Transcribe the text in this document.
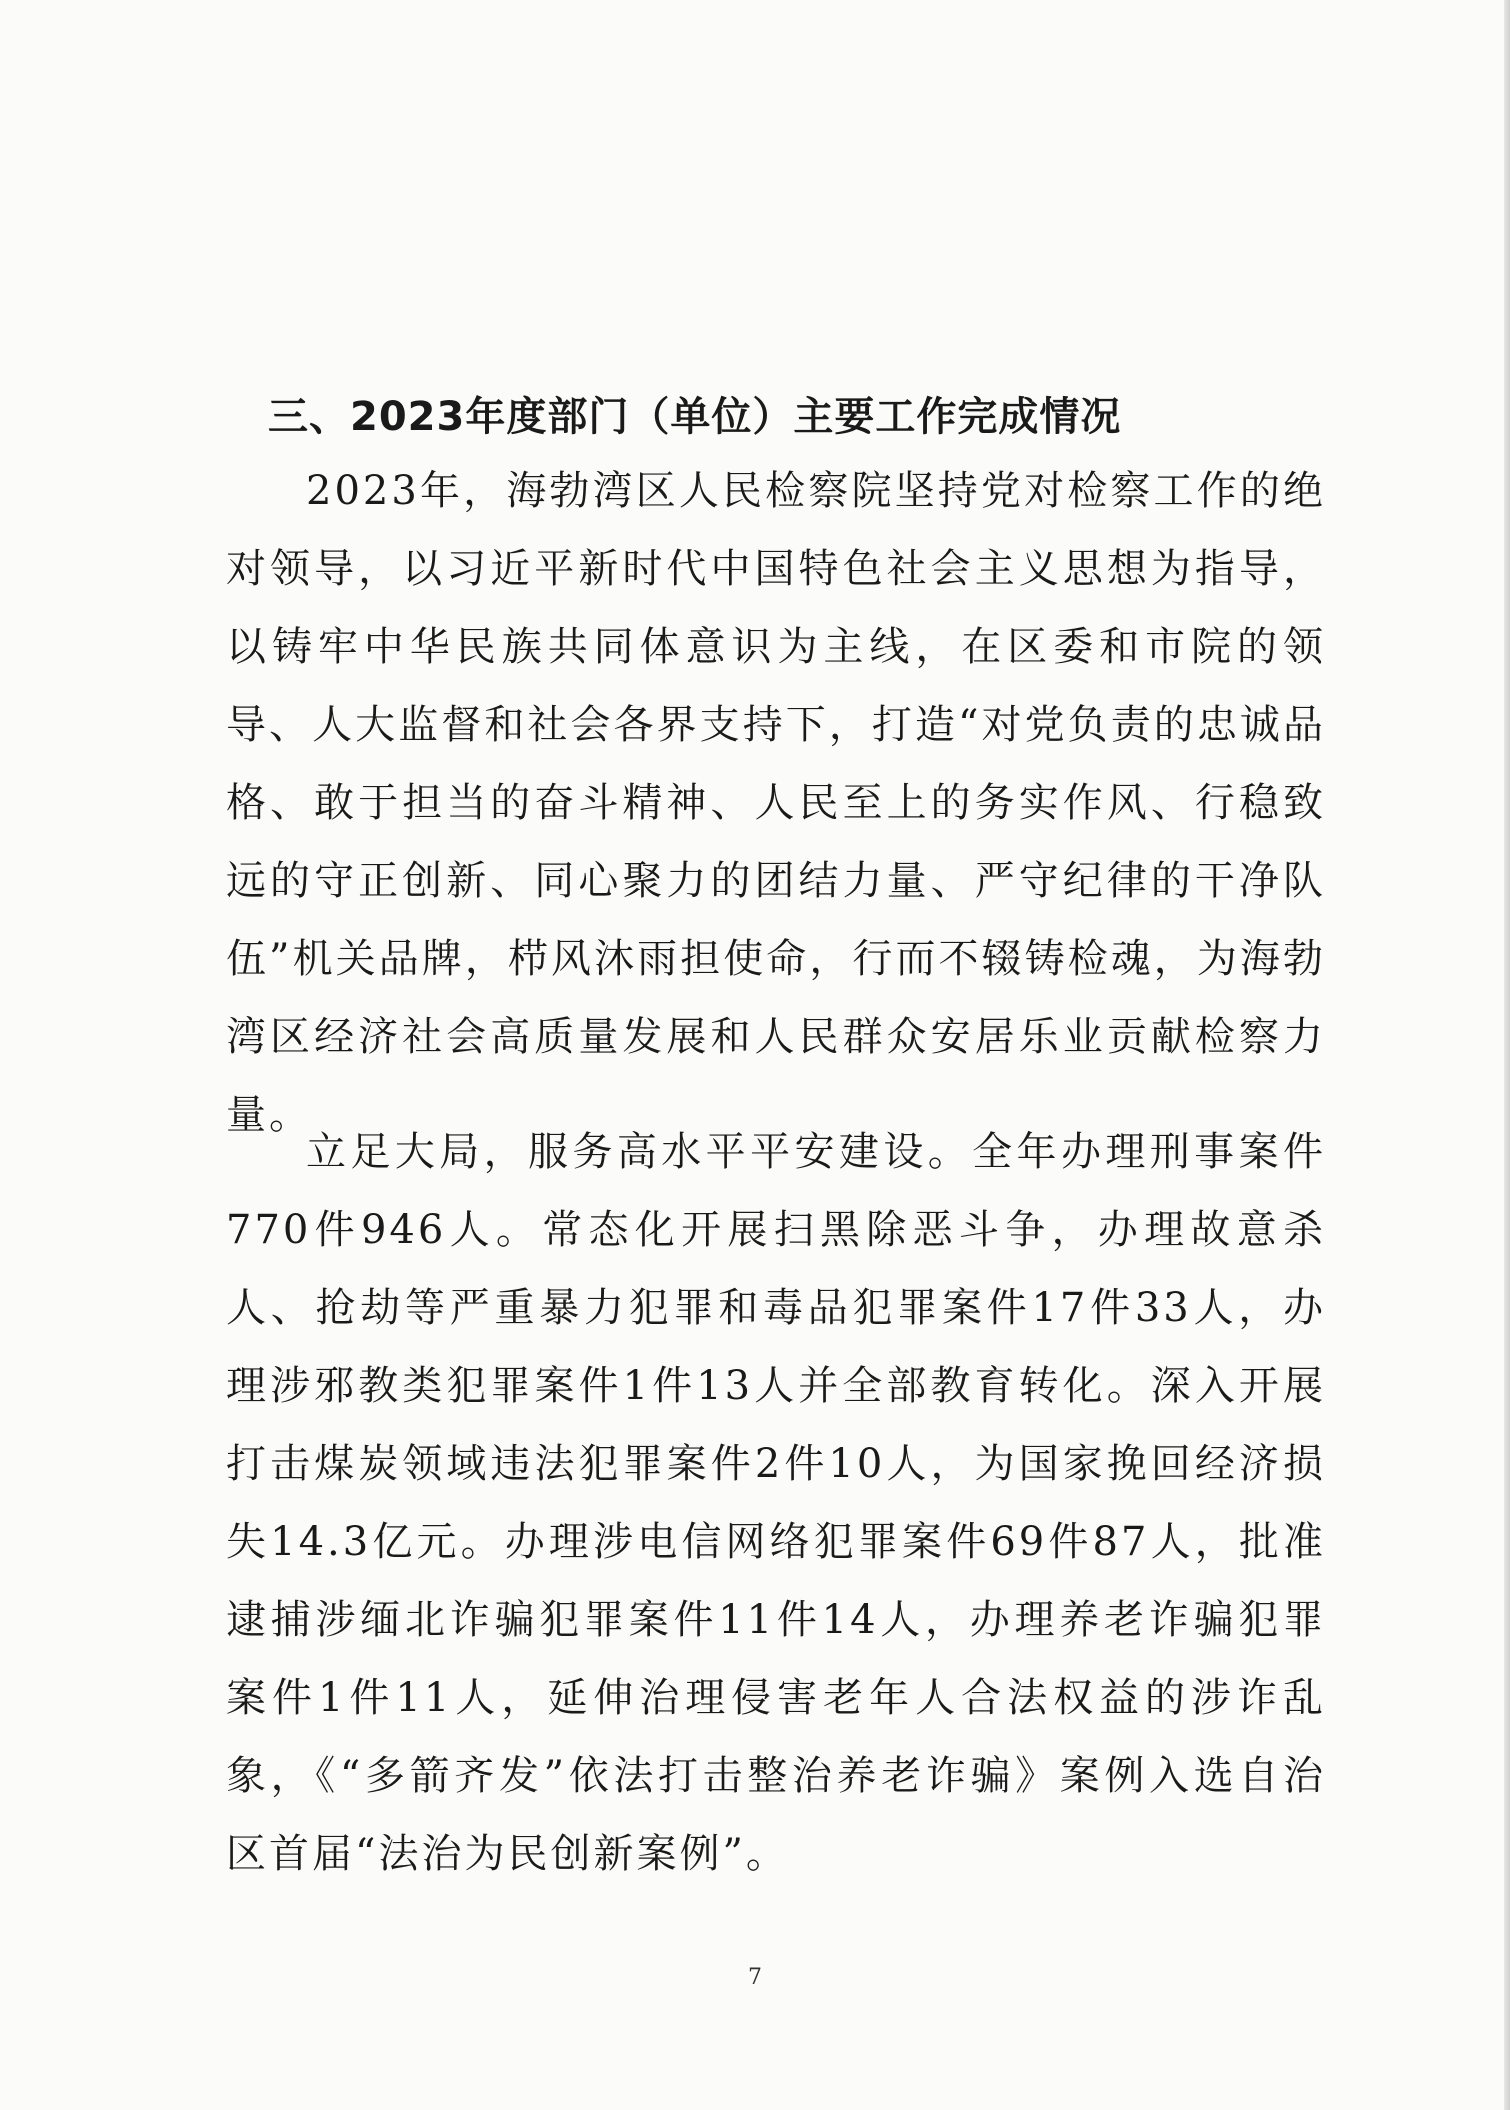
三、2023年度部门（单位）主要工作完成情况

2023年，海勃湾区人民检察院坚持党对检察工作的绝对领导，以习近平新时代中国特色社会主义思想为指导，以铸牢中华民族共同体意识为主线，在区委和市院的领导、人大监督和社会各界支持下，打造“对党负责的忠诚品格、敢于担当的奋斗精神、人民至上的务实作风、行稳致远的守正创新、同心聚力的团结力量、严守纪律的干净队伍”机关品牌，栉风沐雨担使命，行而不辍铸检魂，为海勃湾区经济社会高质量发展和人民群众安居乐业贡献检察力量。

立足大局，服务高水平平安建设。全年办理刑事案件770件946人。常态化开展扫黑除恶斗争，办理故意杀人、抢劫等严重暴力犯罪和毒品犯罪案件17件33人，办理涉邪教类犯罪案件1件13人并全部教育转化。深入开展打击煤炭领域违法犯罪案件2件10人，为国家挽回经济损失14.3亿元。办理涉电信网络犯罪案件69件87人，批准逮捕涉缅北诈骗犯罪案件11件14人，办理养老诈骗犯罪案件1件11人，延伸治理侵害老年人合法权益的涉诈乱象，《“多箭齐发”依法打击整治养老诈骗》案例入选自治区首届“法治为民创新案例”。

7
